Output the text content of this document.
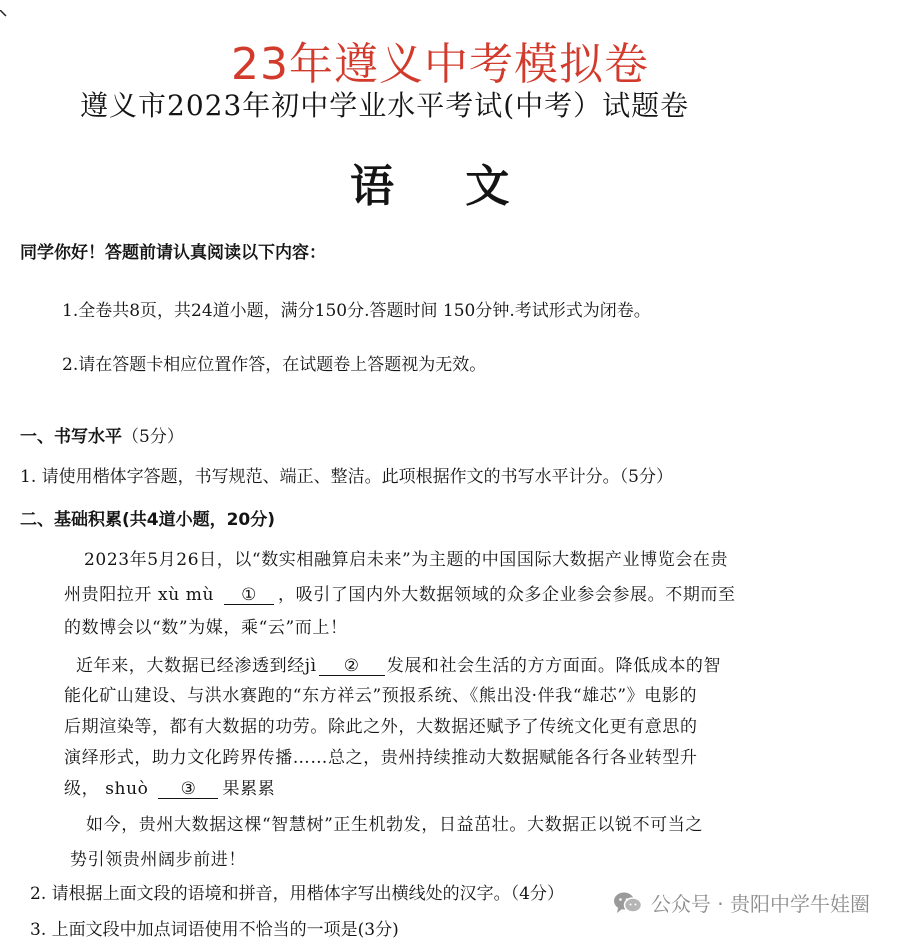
23年遵义中考模拟卷
遵义市2023年初中学业水平考试(中考）试题卷
语 文
同学你好！答题前请认真阅读以下内容：
1.全卷共8页，共24道小题，满分150分.答题时间 150分钟.考试形式为闭卷。
2.请在答题卡相应位置作答，在试题卷上答题视为无效。
一、书写水平（5分）
1. 请使用楷体字答题，书写规范、端正、整洁。此项根据作文的书写水平计分。（5分）
二、基础积累(共4道小题，20分)
2023年5月26日，以“数实相融算启未来”为主题的中国国际大数据产业博览会在贵
州贵阳拉开 xù mù ① ，吸引了国内外大数据领域的众多企业参会参展。不期而至
的数博会以“数”为媒，乘“云”而上！
近年来，大数据已经渗透到经jì ② 发展和社会生活的方方面面。降低成本的智
能化矿山建设、与洪水赛跑的“东方祥云”预报系统、《熊出没·伴我“雄芯”》电影的
后期渲染等，都有大数据的功劳。除此之外，大数据还赋予了传统文化更有意思的
演绎形式，助力文化跨界传播……总之，贵州持续推动大数据赋能各行各业转型升
级， shuò ③ 果累累
如今，贵州大数据这棵“智慧树”正生机勃发，日益茁壮。大数据正以锐不可当之
势引领贵州阔步前进！
2. 请根据上面文段的语境和拼音，用楷体字写出横线处的汉字。（4分）
3. 上面文段中加点词语使用不恰当的一项是(3分)
公众号 · 贵阳中学牛娃圈
